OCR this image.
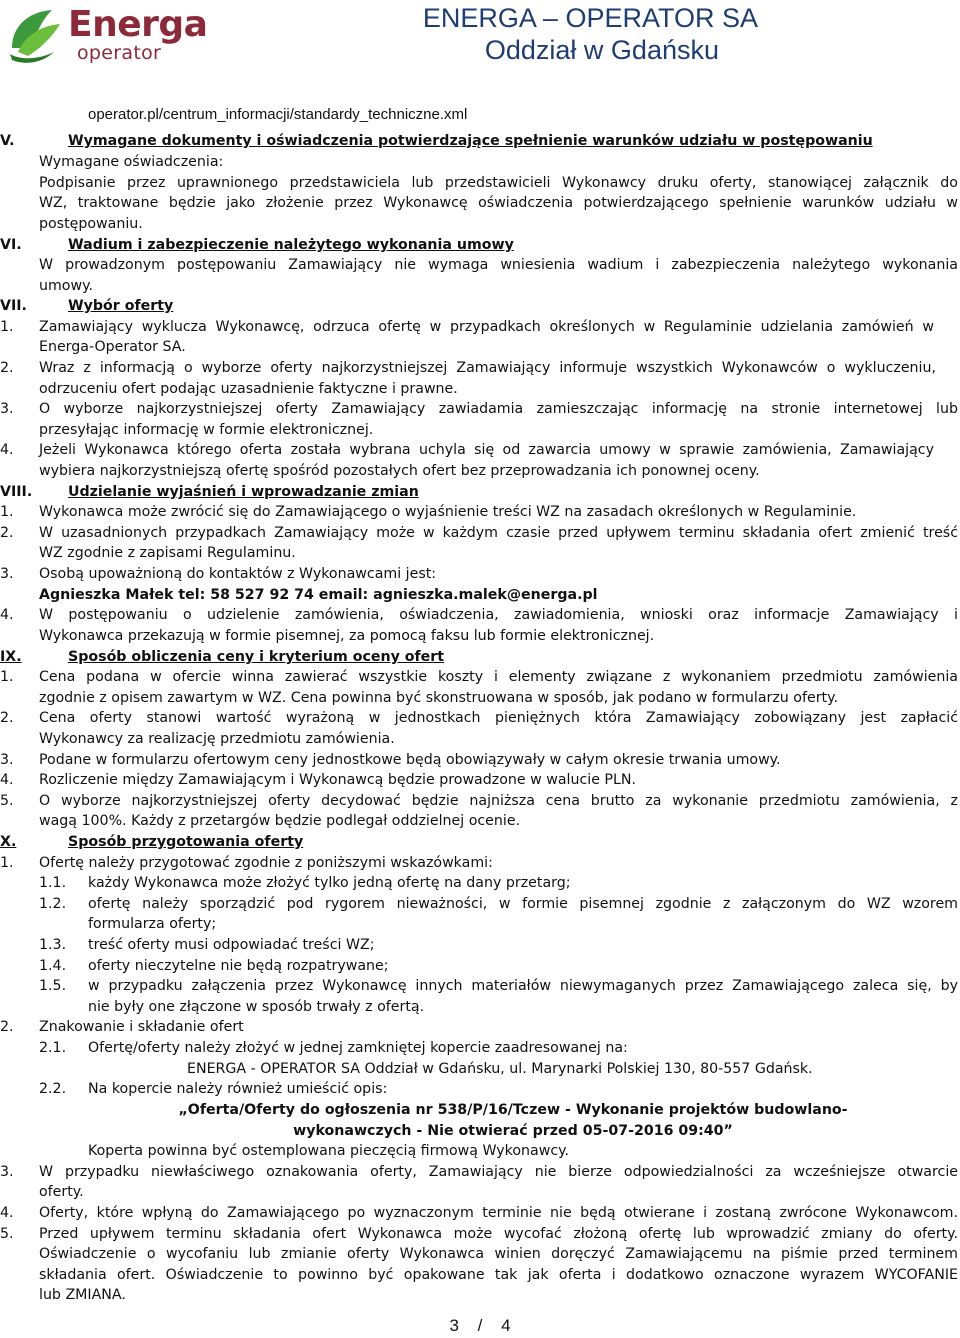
Energa
operator
ENERGA – OPERATOR SA
Oddział w Gdańsku
operator.pl/centrum_informacji/standardy_techniczne.xml
V.	Wymagane dokumenty i oświadczenia potwierdzające spełnienie warunków udziału w postępowaniu
Wymagane oświadczenia:
Podpisanie przez uprawnionego przedstawiciela lub przedstawicieli Wykonawcy druku oferty, stanowiącej załącznik do
WZ, traktowane będzie jako złożenie przez Wykonawcę oświadczenia potwierdzającego spełnienie warunków udziału w
postępowaniu.
VI.	Wadium i zabezpieczenie należytego wykonania umowy
W prowadzonym postępowaniu Zamawiający nie wymaga wniesienia wadium i zabezpieczenia należytego wykonania
umowy.
VII.	Wybór oferty
1. Zamawiający wyklucza Wykonawcę, odrzuca ofertę w przypadkach określonych w Regulaminie udzielania zamówień w
Energa-Operator SA.
2. Wraz z informacją o wyborze oferty najkorzystniejszej Zamawiający informuje wszystkich Wykonawców o wykluczeniu,
odrzuceniu ofert podając uzasadnienie faktyczne i prawne.
3. O wyborze najkorzystniejszej oferty Zamawiający zawiadamia zamieszczając informację na stronie internetowej lub
przesyłając informację w formie elektronicznej.
4. Jeżeli Wykonawca którego oferta została wybrana uchyla się od zawarcia umowy w sprawie zamówienia, Zamawiający
wybiera najkorzystniejszą ofertę spośród pozostałych ofert bez przeprowadzania ich ponownej oceny.
VIII.	Udzielanie wyjaśnień i wprowadzanie zmian
1. Wykonawca może zwrócić się do Zamawiającego o wyjaśnienie treści WZ na zasadach określonych w Regulaminie.
2. W uzasadnionych przypadkach Zamawiający może w każdym czasie przed upływem terminu składania ofert zmienić treść
WZ zgodnie z zapisami Regulaminu.
3. Osobą upoważnioną do kontaktów z Wykonawcami jest:
Agnieszka Małek tel: 58 527 92 74 email: agnieszka.malek@energa.pl
4. W postępowaniu o udzielenie zamówienia, oświadczenia, zawiadomienia, wnioski oraz informacje Zamawiający i
Wykonawca przekazują w formie pisemnej, za pomocą faksu lub formie elektronicznej.
IX.	Sposób obliczenia ceny i kryterium oceny ofert
1. Cena podana w ofercie winna zawierać wszystkie koszty i elementy związane z wykonaniem przedmiotu zamówienia
zgodnie z opisem zawartym w WZ. Cena powinna być skonstruowana w sposób, jak podano w formularzu oferty.
2. Cena oferty stanowi wartość wyrażoną w jednostkach pieniężnych która Zamawiający zobowiązany jest zapłacić
Wykonawcy za realizację przedmiotu zamówienia.
3. Podane w formularzu ofertowym ceny jednostkowe będą obowiązywały w całym okresie trwania umowy.
4. Rozliczenie między Zamawiającym i Wykonawcą będzie prowadzone w walucie PLN.
5. O wyborze najkorzystniejszej oferty decydować będzie najniższa cena brutto za wykonanie przedmiotu zamówienia, z
wagą 100%. Każdy z przetargów będzie podlegał oddzielnej ocenie.
X.	Sposób przygotowania oferty
1. Ofertę należy przygotować zgodnie z poniższymi wskazówkami:
1.1. każdy Wykonawca może złożyć tylko jedną ofertę na dany przetarg;
1.2. ofertę należy sporządzić pod rygorem nieważności, w formie pisemnej zgodnie z załączonym do WZ wzorem
formularza oferty;
1.3. treść oferty musi odpowiadać treści WZ;
1.4. oferty nieczytelne nie będą rozpatrywane;
1.5. w przypadku załączenia przez Wykonawcę innych materiałów niewymaganych przez Zamawiającego zaleca się, by
nie były one złączone w sposób trwały z ofertą.
2. Znakowanie i składanie ofert
2.1. Ofertę/oferty należy złożyć w jednej zamkniętej kopercie zaadresowanej na:
ENERGA - OPERATOR SA Oddział w Gdańsku, ul. Marynarki Polskiej 130, 80-557 Gdańsk.
2.2. Na kopercie należy również umieścić opis:
„Oferta/Oferty do ogłoszenia nr 538/P/16/Tczew - Wykonanie projektów budowlano-
wykonawczych - Nie otwierać przed 05-07-2016 09:40”
Koperta powinna być ostemplowana pieczęcią firmową Wykonawcy.
3. W przypadku niewłaściwego oznakowania oferty, Zamawiający nie bierze odpowiedzialności za wcześniejsze otwarcie
oferty.
4. Oferty, które wpłyną do Zamawiającego po wyznaczonym terminie nie będą otwierane i zostaną zwrócone Wykonawcom.
5. Przed upływem terminu składania ofert Wykonawca może wycofać złożoną ofertę lub wprowadzić zmiany do oferty.
Oświadczenie o wycofaniu lub zmianie oferty Wykonawca winien doręczyć Zamawiającemu na piśmie przed terminem
składania ofert. Oświadczenie to powinno być opakowane tak jak oferta i dodatkowo oznaczone wyrazem WYCOFANIE
lub ZMIANA.
3 / 4
